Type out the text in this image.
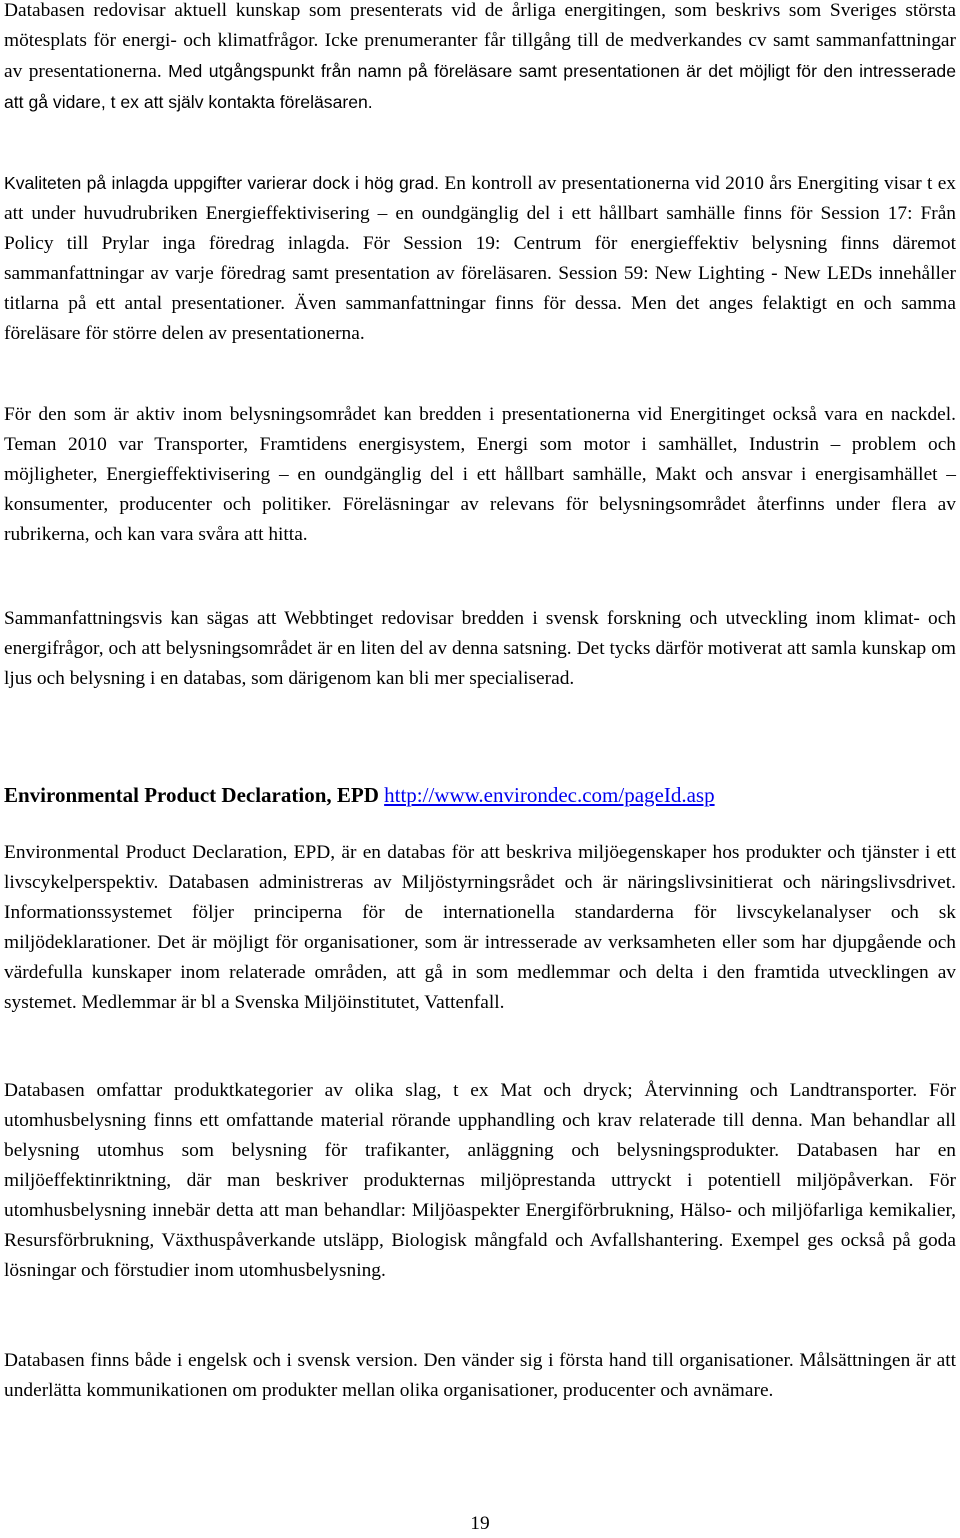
Databasen redovisar aktuell kunskap som presenterats vid de årliga energitingen, som beskrivs som Sveriges största mötesplats för energi- och klimatfrågor. Icke prenumeranter får tillgång till de medverkandes cv samt sammanfattningar av presentationerna. Med utgångspunkt från namn på föreläsare samt presentationen är det möjligt för den intresserade att gå vidare, t ex att själv kontakta föreläsaren.

Kvaliteten på inlagda uppgifter varierar dock i hög grad. En kontroll av presentationerna vid 2010 års Energiting visar t ex att under huvudrubriken Energieffektivisering – en oundgänglig del i ett hållbart samhälle finns för Session 17: Från Policy till Prylar inga föredrag inlagda. För Session 19: Centrum för energieffektiv belysning finns däremot sammanfattningar av varje föredrag samt presentation av föreläsaren. Session 59: New Lighting - New LEDs innehåller titlarna på ett antal presentationer. Även sammanfattningar finns för dessa. Men det anges felaktigt en och samma föreläsare för större delen av presentationerna.

För den som är aktiv inom belysningsområdet kan bredden i presentationerna vid Energitinget också vara en nackdel. Teman 2010 var Transporter, Framtidens energisystem, Energi som motor i samhället, Industrin – problem och möjligheter, Energieffektivisering – en oundgänglig del i ett hållbart samhälle, Makt och ansvar i energisamhället – konsumenter, producenter och politiker. Föreläsningar av relevans för belysningsområdet återfinns under flera av rubrikerna, och kan vara svåra att hitta.

Sammanfattningsvis kan sägas att Webbtinget redovisar bredden i svensk forskning och utveckling inom klimat- och energifrågor, och att belysningsområdet är en liten del av denna satsning. Det tycks därför motiverat att samla kunskap om ljus och belysning i en databas, som därigenom kan bli mer specialiserad.

Environmental Product Declaration, EPD http://www.environdec.com/pageId.asp

Environmental Product Declaration, EPD, är en databas för att beskriva miljöegenskaper hos produkter och tjänster i ett livscykelperspektiv. Databasen administreras av Miljöstyrningsrådet och är näringslivsinitierat och näringslivsdrivet. Informationssystemet följer principerna för de internationella standarderna för livscykelanalyser och sk miljödeklarationer. Det är möjligt för organisationer, som är intresserade av verksamheten eller som har djupgående och värdefulla kunskaper inom relaterade områden, att gå in som medlemmar och delta i den framtida utvecklingen av systemet. Medlemmar är bl a Svenska Miljöinstitutet, Vattenfall.

Databasen omfattar produktkategorier av olika slag, t ex Mat och dryck; Återvinning och Landtransporter. För utomhusbelysning finns ett omfattande material rörande upphandling och krav relaterade till denna. Man behandlar all belysning utomhus som belysning för trafikanter, anläggning och belysningsprodukter. Databasen har en miljöeffektinriktning, där man beskriver produkternas miljöprestanda uttryckt i potentiell miljöpåverkan. För utomhusbelysning innebär detta att man behandlar: Miljöaspekter Energiförbrukning, Hälso- och miljöfarliga kemikalier, Resursförbrukning, Växthuspåverkande utsläpp, Biologisk mångfald och Avfallshantering. Exempel ges också på goda lösningar och förstudier inom utomhusbelysning.

Databasen finns både i engelsk och i svensk version. Den vänder sig i första hand till organisationer. Målsättningen är att underlätta kommunikationen om produkter mellan olika organisationer, producenter och avnämare.

19
